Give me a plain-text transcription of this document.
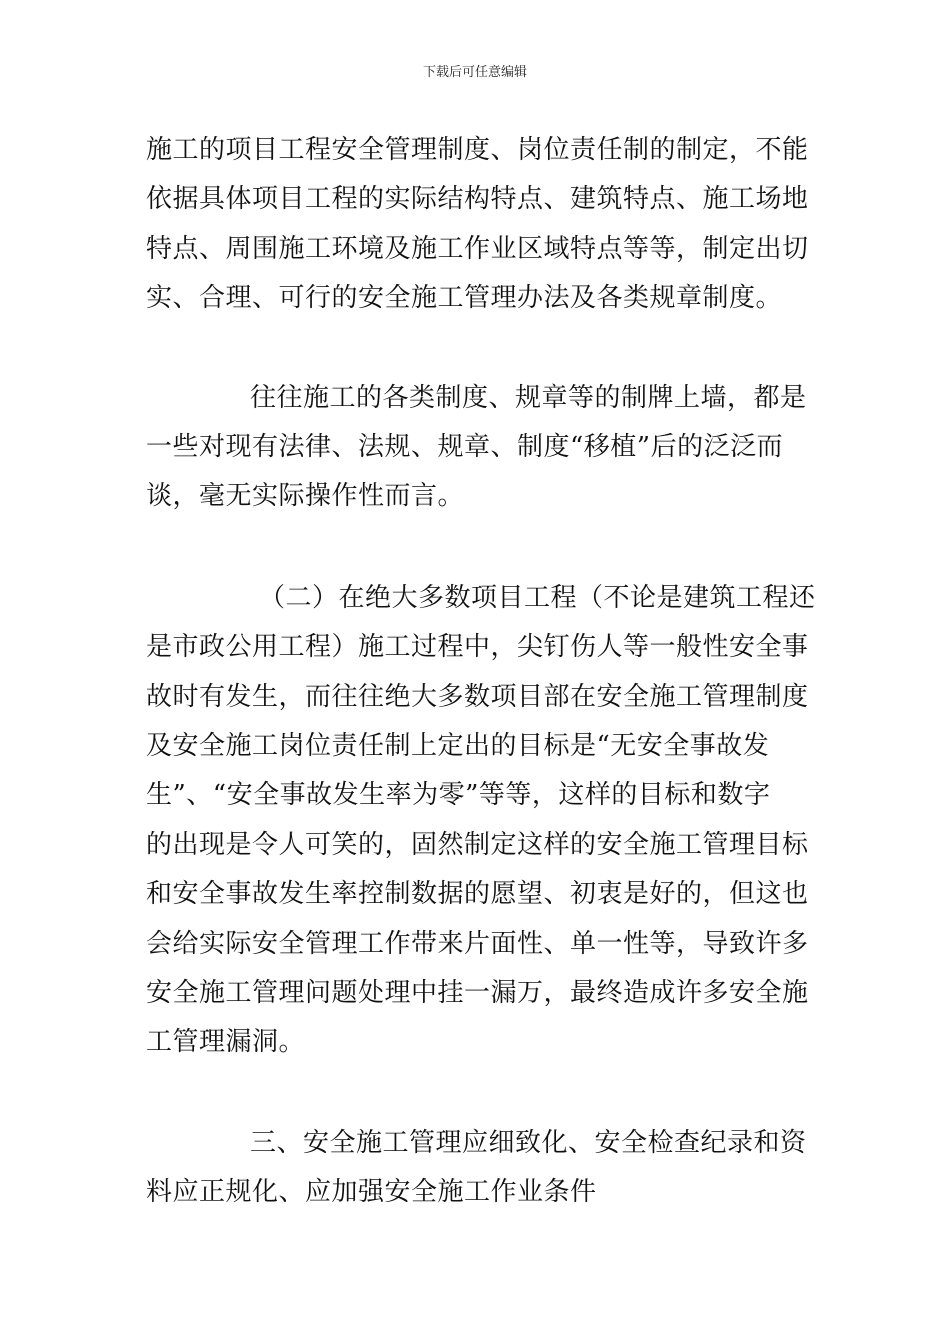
下载后可任意编辑
施工的项目工程安全管理制度、岗位责任制的制定，不能
依据具体项目工程的实际结构特点、建筑特点、施工场地
特点、周围施工环境及施工作业区域特点等等，制定出切
实、合理、可行的安全施工管理办法及各类规章制度。
往往施工的各类制度、规章等的制牌上墙，都是
一些对现有法律、法规、规章、制度“移植”后的泛泛而
谈，毫无实际操作性而言。
（二）在绝大多数项目工程（不论是建筑工程还
是市政公用工程）施工过程中，尖钉伤人等一般性安全事
故时有发生，而往往绝大多数项目部在安全施工管理制度
及安全施工岗位责任制上定出的目标是“无安全事故发
生”、“安全事故发生率为零”等等，这样的目标和数字
的出现是令人可笑的，固然制定这样的安全施工管理目标
和安全事故发生率控制数据的愿望、初衷是好的，但这也
会给实际安全管理工作带来片面性、单一性等，导致许多
安全施工管理问题处理中挂一漏万，最终造成许多安全施
工管理漏洞。
三、安全施工管理应细致化、安全检查纪录和资
料应正规化、应加强安全施工作业条件
